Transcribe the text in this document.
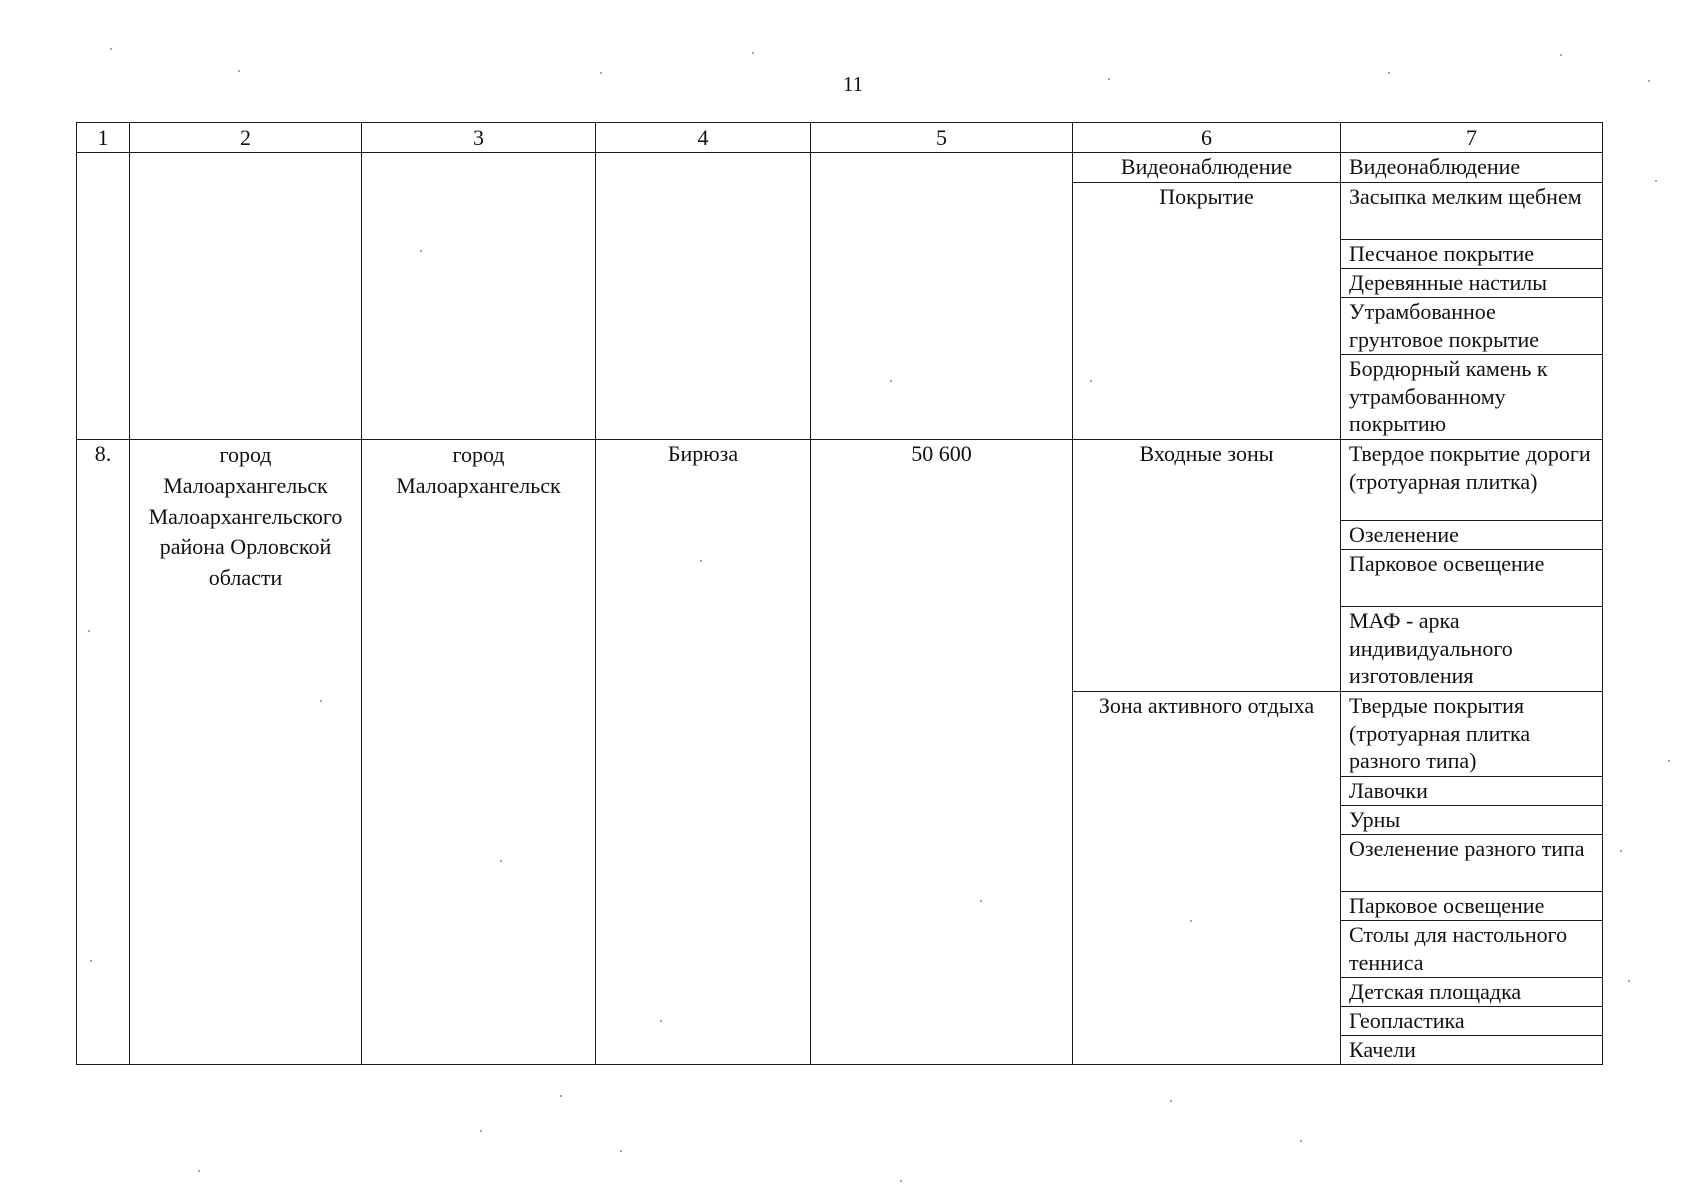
11
1	2	3	4	5	6	7
					Видеонаблюдение	Видеонаблюдение
					Покрытие	Засыпка мелким щебнем
						Песчаное покрытие
						Деревянные настилы
						Утрамбованное грунтовое покрытие
						Бордюрный камень к утрамбованному покрытию

8.	город Малоархангельск Малоархангельского района Орловской области	город Малоархангельск	Бирюза	50 600	Входные зоны	Твердое покрытие дороги (тротуарная плитка)
						Озеленение
						Парковое освещение
						МАФ - арка индивидуального изготовления
					Зона активного отдыха	Твердые покрытия (тротуарная плитка разного типа)
						Лавочки
						Урны
						Озеленение разного типа
						Парковое освещение
						Столы для настольного тенниса
						Детская площадка
						Геопластика
						Качели
